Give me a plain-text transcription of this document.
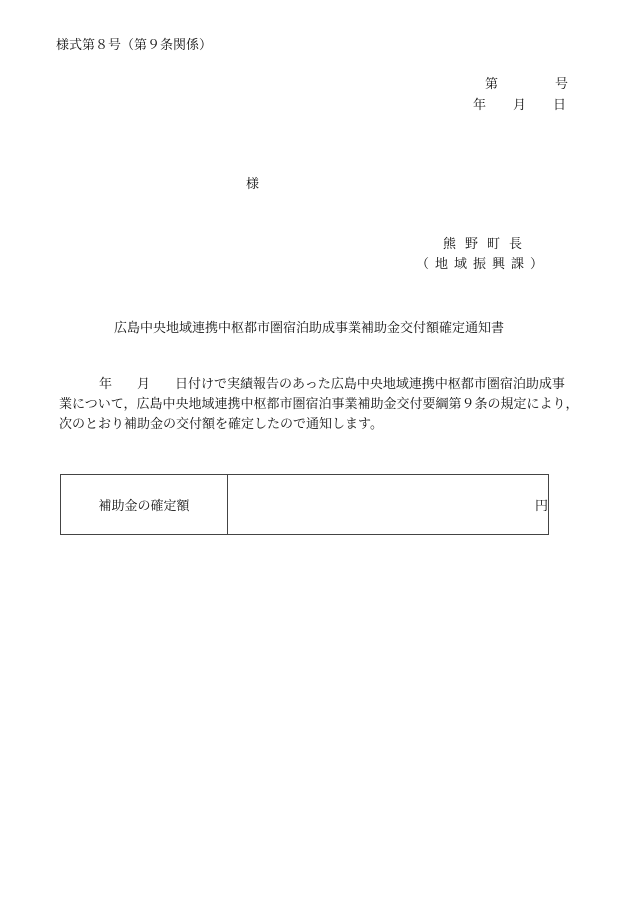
様式第８号（第９条関係）
第	号
年 月 日
様
熊野町長
（地域振興課）
広島中央地域連携中枢都市圏宿泊助成事業補助金交付額確定通知書
年 月 日付けで実績報告のあった広島中央地域連携中枢都市圏宿泊助成事
業について，広島中央地域連携中枢都市圏宿泊事業補助金交付要綱第９条の規定により，
次のとおり補助金の交付額を確定したので通知します。
補助金の確定額	円
